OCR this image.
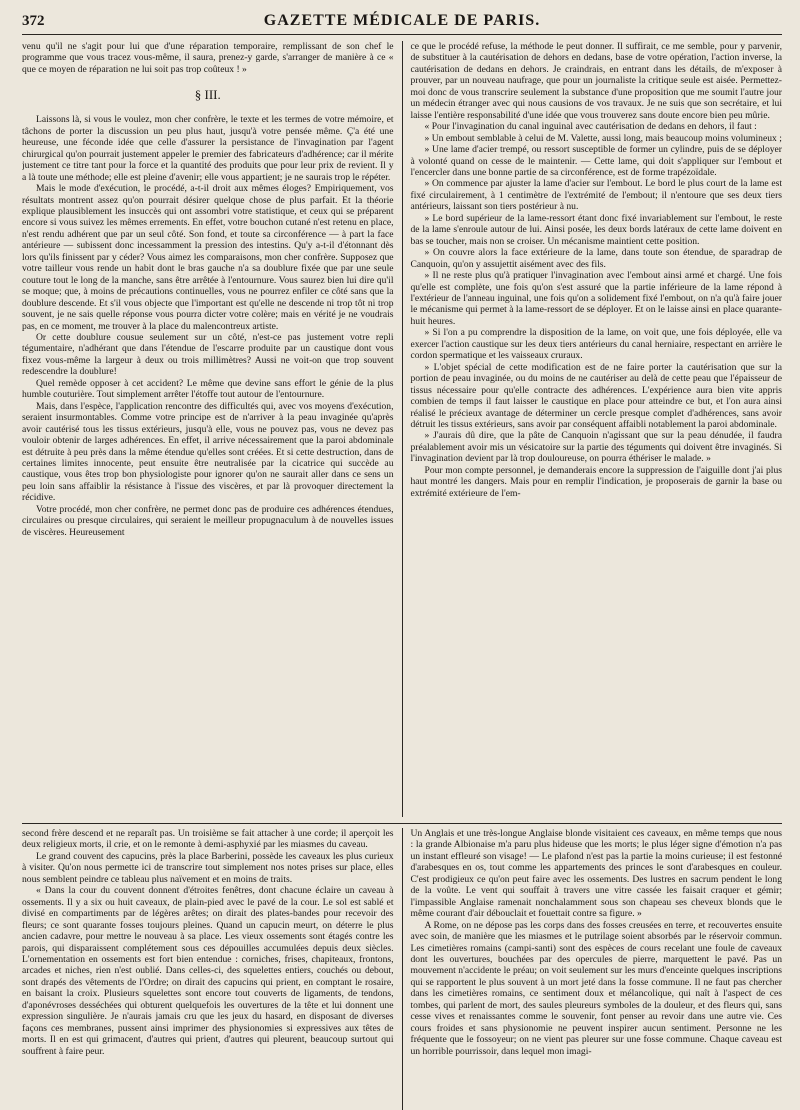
372	GAZETTE MÉDICALE DE PARIS.

venu qu'il ne s'agit pour lui que d'une réparation temporaire, remplissant de son chef le programme que vous tracez vous-même, il saura, prenez-y garde, s'arranger de manière à ce « que ce moyen de réparation ne lui soit pas trop coûteux ! »

§ III.

Laissons là, si vous le voulez, mon cher confrère, le texte et les termes de votre mémoire, et tâchons de porter la discussion un peu plus haut, jusqu'à votre pensée même. Ç'a été une heureuse, une féconde idée que celle d'assurer la persistance de l'invagination par l'agent chirurgical qu'on pourrait justement appeler le premier des fabricateurs d'adhérence; car il mérite justement ce titre tant pour la force et la quantité des produits que pour leur prix de revient. Il y a là toute une méthode; elle est pleine d'avenir; elle vous appartient; je ne saurais trop le répéter.

Mais le mode d'exécution, le procédé, a-t-il droit aux mêmes éloges? Empiriquement, vos résultats montrent assez qu'on pourrait désirer quelque chose de plus parfait. Et la théorie explique plausiblement les insuccès qui ont assombri votre statistique, et ceux qui se préparent encore si vous suivez les mêmes errements. En effet, votre bouchon cutané n'est retenu en place, n'est rendu adhérent que par un seul côté. Son fond, et toute sa circonférence — à part la face antérieure — subissent donc incessamment la pression des intestins. Qu'y a-t-il d'étonnant dès lors qu'ils finissent par y céder? Vous aimez les comparaisons, mon cher confrère. Supposez que votre tailleur vous rende un habit dont le bras gauche n'a sa doublure fixée que par une seule couture tout le long de la manche, sans être arrêtée à l'entournure. Vous saurez bien lui dire qu'il se moque; que, à moins de précautions continuelles, vous ne pourrez enfiler ce côté sans que la doublure descende. Et s'il vous objecte que l'important est qu'elle ne descende ni trop tôt ni trop souvent, je ne sais quelle réponse vous pourra dicter votre colère; mais en vérité je ne voudrais pas, en ce moment, me trouver à la place du malencontreux artiste.

Or cette doublure cousue seulement sur un côté, n'est-ce pas justement votre repli tégumentaire, n'adhérant que dans l'étendue de l'escarre produite par un caustique dont vous fixez vous-même la largeur à deux ou trois millimètres? Aussi ne voit-on que trop souvent redescendre la doublure!

Quel remède opposer à cet accident? Le même que devine sans effort le génie de la plus humble couturière. Tout simplement arrêter l'étoffe tout autour de l'entournure.

Mais, dans l'espèce, l'application rencontre des difficultés qui, avec vos moyens d'exécution, seraient insurmontables. Comme votre principe est de n'arriver à la peau invaginée qu'après avoir cautérisé tous les tissus extérieurs, jusqu'à elle, vous ne pouvez pas, vous ne devez pas vouloir obtenir de larges adhérences. En effet, il arrive nécessairement que la paroi abdominale est détruite à peu près dans la même étendue qu'elles sont créées. Et si cette destruction, dans de certaines limites innocente, peut ensuite être neutralisée par la cicatrice qui succède au caustique, vous êtes trop bon physiologiste pour ignorer qu'on ne saurait aller dans ce sens un peu loin sans affaiblir la résistance à l'issue des viscères, et par là provoquer directement la récidive.

Votre procédé, mon cher confrère, ne permet donc pas de produire ces adhérences étendues, circulaires ou presque circulaires, qui seraient le meilleur propugnaculum à de nouvelles issues de viscères. Heureusement

ce que le procédé refuse, la méthode le peut donner. Il suffirait, ce me semble, pour y parvenir, de substituer à la cautérisation de dehors en dedans, base de votre opération, l'action inverse, la cautérisation de dedans en dehors. Je craindrais, en entrant dans les détails, de m'exposer à prouver, par un nouveau naufrage, que pour un journaliste la critique seule est aisée. Permettez-moi donc de vous transcrire seulement la substance d'une proposition que me soumit l'autre jour un médecin étranger avec qui nous causions de vos travaux. Je ne suis que son secrétaire, et lui laisse l'entière responsabilité d'une idée que vous trouverez sans doute encore bien peu mûrie.

« Pour l'invagination du canal inguinal avec cautérisation de dedans en dehors, il faut :

» Un embout semblable à celui de M. Valette, aussi long, mais beaucoup moins volumineux ;

» Une lame d'acier trempé, ou ressort susceptible de former un cylindre, puis de se déployer à volonté quand on cesse de le maintenir. — Cette lame, qui doit s'appliquer sur l'embout et l'encercler dans une bonne partie de sa circonférence, est de forme trapézoïdale.

» On commence par ajuster la lame d'acier sur l'embout. Le bord le plus court de la lame est fixé circulairement, à 1 centimètre de l'extrémité de l'embout; il n'entoure que ses deux tiers antérieurs, laissant son tiers postérieur à nu.

» Le bord supérieur de la lame-ressort étant donc fixé invariablement sur l'embout, le reste de la lame s'enroule autour de lui. Ainsi posée, les deux bords latéraux de cette lame doivent en bas se toucher, mais non se croiser. Un mécanisme maintient cette position.

» On couvre alors la face extérieure de la lame, dans toute son étendue, de sparadrap de Canquoin, qu'on y assujettit aisément avec des fils.

» Il ne reste plus qu'à pratiquer l'invagination avec l'embout ainsi armé et chargé. Une fois qu'elle est complète, une fois qu'on s'est assuré que la partie inférieure de la lame répond à l'extérieur de l'anneau inguinal, une fois qu'on a solidement fixé l'embout, on n'a qu'à faire jouer le mécanisme qui permet à la lame-ressort de se déployer. Et on le laisse ainsi en place quarante-huit heures.

» Si l'on a pu comprendre la disposition de la lame, on voit que, une fois déployée, elle va exercer l'action caustique sur les deux tiers antérieurs du canal herniaire, respectant en arrière le cordon spermatique et les vaisseaux cruraux.

» L'objet spécial de cette modification est de ne faire porter la cautérisation que sur la portion de peau invaginée, ou du moins de ne cautériser au delà de cette peau que l'épaisseur de tissus nécessaire pour qu'elle contracte des adhérences. L'expérience aura bien vite appris combien de temps il faut laisser le caustique en place pour atteindre ce but, et l'on aura ainsi réalisé le précieux avantage de déterminer un cercle presque complet d'adhérences, sans avoir détruit les tissus extérieurs, sans avoir par conséquent affaibli notablement la paroi abdominale.

» J'aurais dû dire, que la pâte de Canquoin n'agissant que sur la peau dénudée, il faudra préalablement avoir mis un vésicatoire sur la partie des téguments qui doivent être invaginés. Si l'invagination devient par là trop douloureuse, on pourra éthériser le malade. »

Pour mon compte personnel, je demanderais encore la suppression de l'aiguille dont j'ai plus haut montré les dangers. Mais pour en remplir l'indication, je proposerais de garnir la base ou extrémité extérieure de l'em-

second frère descend et ne reparaît pas. Un troisième se fait attacher à une corde; il aperçoit les deux religieux morts, il crie, et on le remonte à demi-asphyxié par les miasmes du caveau.

Le grand couvent des capucins, près la place Barberini, possède les caveaux les plus curieux à visiter. Qu'on nous permette ici de transcrire tout simplement nos notes prises sur place, elles nous semblent peindre ce tableau plus naïvement et en moins de traits.

« Dans la cour du couvent donnent d'étroites fenêtres, dont chacune éclaire un caveau à ossements. Il y a six ou huit caveaux, de plain-pied avec le pavé de la cour. Le sol est sablé et divisé en compartiments par de légères arêtes; on dirait des plates-bandes pour recevoir des fleurs; ce sont quarante fosses toujours pleines. Quand un capucin meurt, on déterre le plus ancien cadavre, pour mettre le nouveau à sa place. Les vieux ossements sont étagés contre les parois, qui disparaissent complétement sous ces dépouilles accumulées depuis deux siècles. L'ornementation en ossements est fort bien entendue : corniches, frises, chapiteaux, frontons, arcades et niches, rien n'est oublié. Dans celles-ci, des squelettes entiers, couchés ou debout, sont drapés des vêtements de l'Ordre; on dirait des capucins qui prient, en comptant le rosaire, en baisant la croix. Plusieurs squelettes sont encore tout couverts de ligaments, de tendons, d'aponévroses desséchées qui obturent quelquefois les ouvertures de la tête et lui donnent une expression singulière. Je n'aurais jamais cru que les jeux du hasard, en disposant de diverses façons ces membranes, pussent ainsi imprimer des physionomies si expressives aux têtes de morts. Il en est qui grimacent, d'autres qui prient, d'autres qui pleurent, beaucoup surtout qui souffrent à faire peur.

Un Anglais et une très-longue Anglaise blonde visitaient ces caveaux, en même temps que nous : la grande Albionaise m'a paru plus hideuse que les morts; le plus léger signe d'émotion n'a pas un instant effleuré son visage! — Le plafond n'est pas la partie la moins curieuse; il est festonné d'arabesques en os, tout comme les appartements des princes le sont d'arabesques en couleur. C'est prodigieux ce qu'on peut faire avec les ossements. Des lustres en sacrum pendent le long de la voûte. Le vent qui souffait à travers une vitre cassée les faisait craquer et gémir; l'impassible Anglaise ramenait nonchalamment sous son chapeau ses cheveux blonds que le même courant d'air débouclait et fouettait contre sa figure. »

A Rome, on ne dépose pas les corps dans des fosses creusées en terre, et recouvertes ensuite avec soin, de manière que les miasmes et le putrilage soient absorbés par le réservoir commun. Les cimetières romains (campi-santi) sont des espèces de cours recelant une foule de caveaux dont les ouvertures, bouchées par des opercules de pierre, marquettent le pavé. Pas un mouvement n'accidente le préau; on voit seulement sur les murs d'enceinte quelques inscriptions qui se rapportent le plus souvent à un mort jeté dans la fosse commune. Il ne faut pas chercher dans les cimetières romains, ce sentiment doux et mélancolique, qui naît à l'aspect de ces tombes, qui parlent de mort, des saules pleureurs symboles de la douleur, et des fleurs qui, sans cesse vives et renaissantes comme le souvenir, font penser au revoir dans une autre vie. Ces cours froides et sans physionomie ne peuvent inspirer aucun sentiment. Personne ne les fréquente que le fossoyeur; on ne vient pas pleurer sur une fosse commune. Chaque caveau est un horrible pourrissoir, dans lequel mon imagi-
